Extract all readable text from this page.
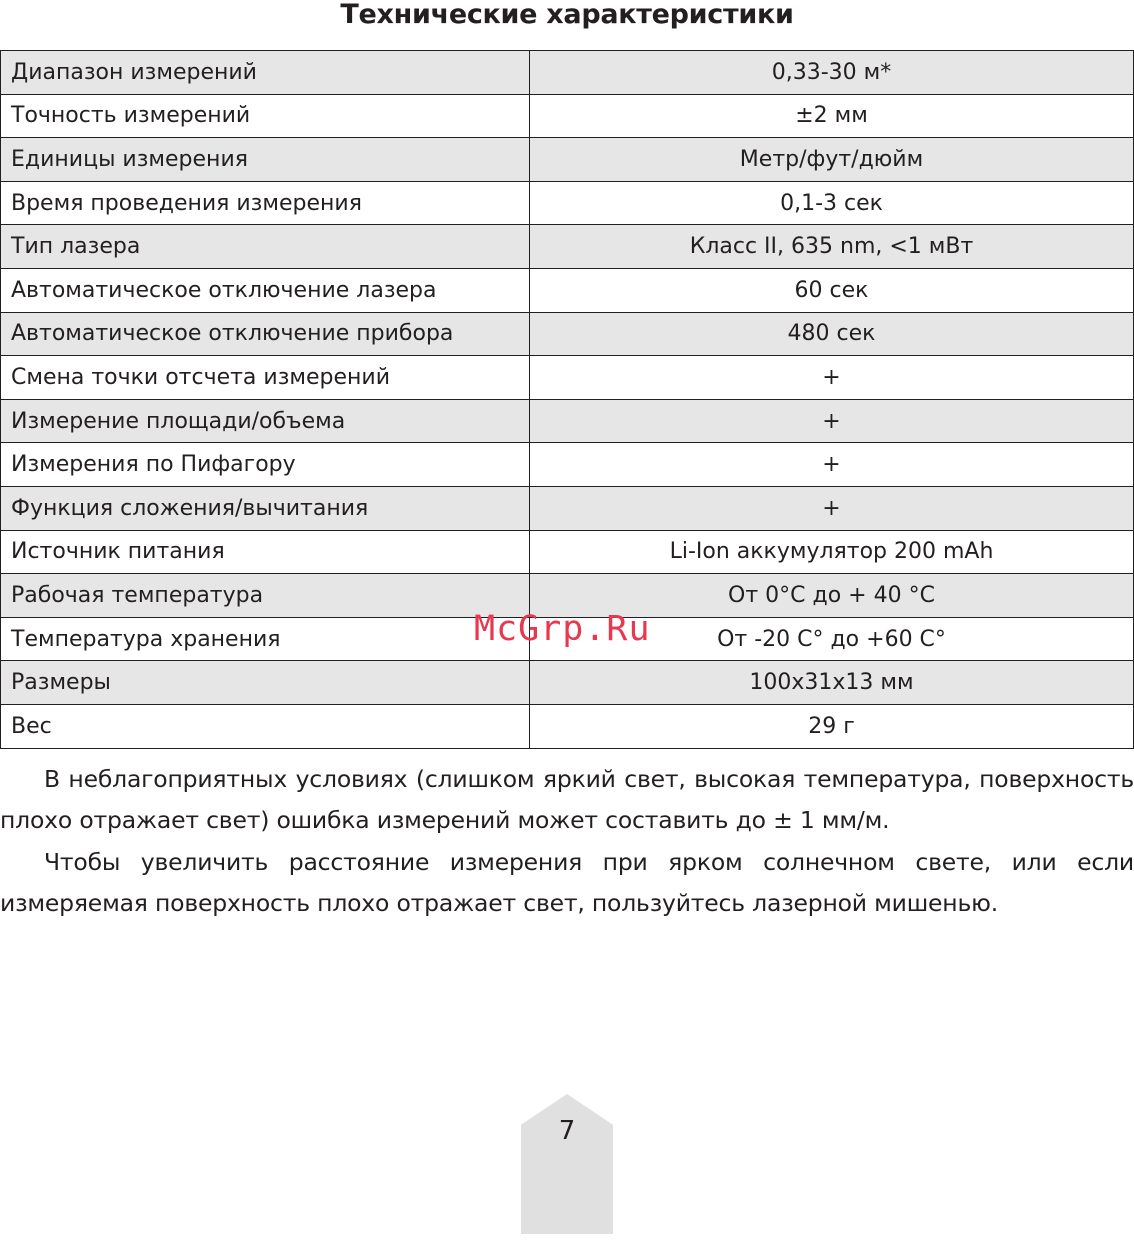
Технические характеристики
Диапазон измерений	0,33-30 м*
Точность измерений	±2 мм
Единицы измерения	Метр/фут/дюйм
Время проведения измерения	0,1-3 сек
Тип лазера	Класс II, 635 nm, <1 мВт
Автоматическое отключение лазера	60 сек
Автоматическое отключение прибора	480 сек
Смена точки отсчета измерений	+
Измерение площади/объема	+
Измерения по Пифагору	+
Функция сложения/вычитания	+
Источник питания	Li-Ion аккумулятор 200 mAh
Рабочая температура	От 0°C до + 40 °C
Температура хранения	От -20 С° до +60 С°
Размеры	100x31x13 мм
Вес	29 г
McGrp.Ru

В неблагоприятных условиях (слишком яркий свет, высокая температура, поверхность плохо отражает свет) ошибка измерений может составить до ± 1 мм/м.

Чтобы увеличить расстояние измерения при ярком солнечном свете, или если измеряемая поверхность плохо отражает свет, пользуйтесь лазерной мишенью.

7
